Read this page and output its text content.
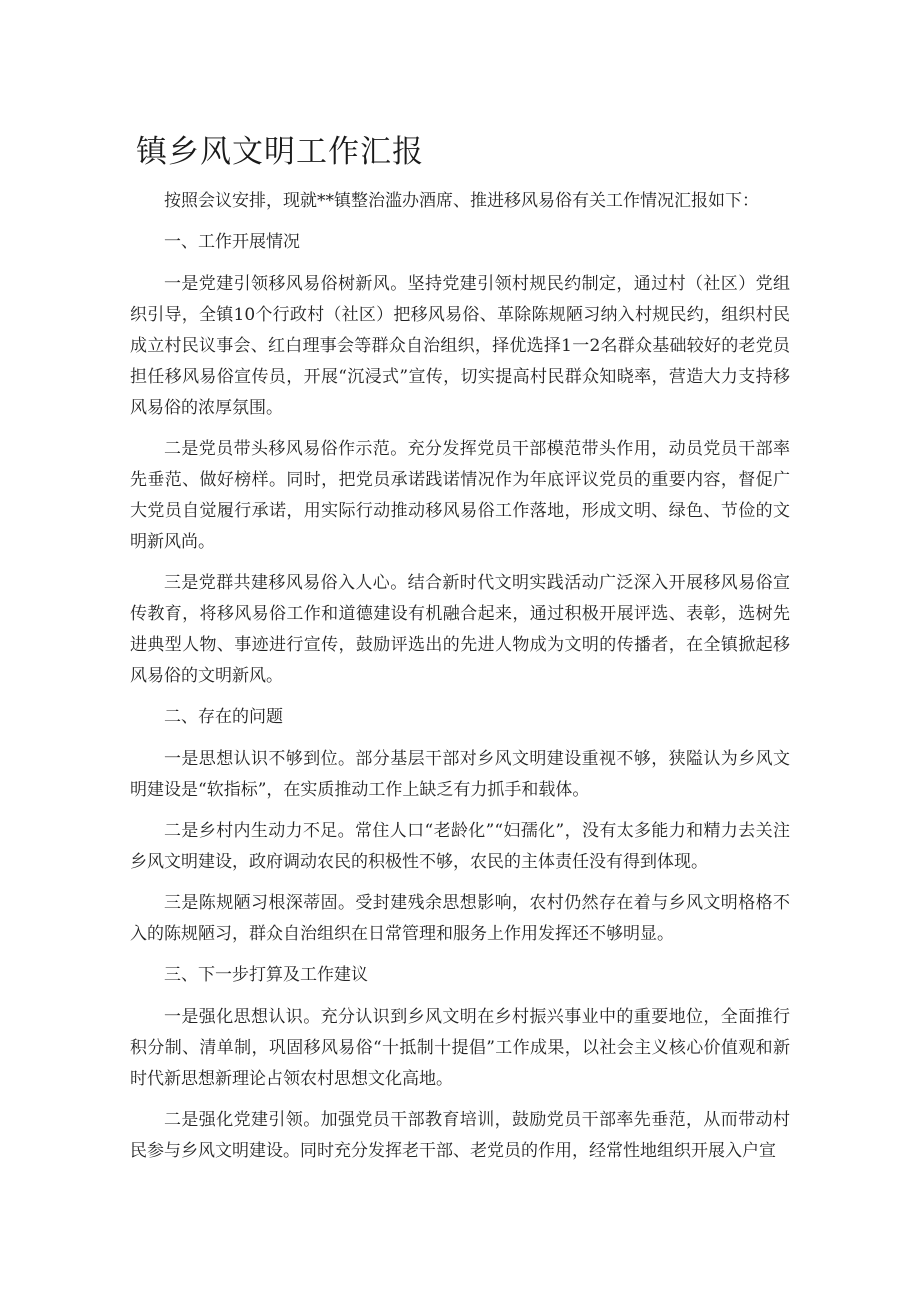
镇乡风文明工作汇报

按照会议安排，现就**镇整治滥办酒席、推进移风易俗有关工作情况汇报如下：

一、工作开展情况

一是党建引领移风易俗树新风。坚持党建引领村规民约制定，通过村（社区）党组织引导，全镇10个行政村（社区）把移风易俗、革除陈规陋习纳入村规民约，组织村民成立村民议事会、红白理事会等群众自治组织，择优选择1一2名群众基础较好的老党员担任移风易俗宣传员，开展“沉浸式”宣传，切实提高村民群众知晓率，营造大力支持移风易俗的浓厚氛围。

二是党员带头移风易俗作示范。充分发挥党员干部模范带头作用，动员党员干部率先垂范、做好榜样。同时，把党员承诺践诺情况作为年底评议党员的重要内容，督促广大党员自觉履行承诺，用实际行动推动移风易俗工作落地，形成文明、绿色、节俭的文明新风尚。

三是党群共建移风易俗入人心。结合新时代文明实践活动广泛深入开展移风易俗宣传教育，将移风易俗工作和道德建设有机融合起来，通过积极开展评选、表彰，选树先进典型人物、事迹进行宣传，鼓励评选出的先进人物成为文明的传播者，在全镇掀起移风易俗的文明新风。

二、存在的问题

一是思想认识不够到位。部分基层干部对乡风文明建设重视不够，狭隘认为乡风文明建设是“软指标”，在实质推动工作上缺乏有力抓手和载体。

二是乡村内生动力不足。常住人口“老龄化”“妇孺化”，没有太多能力和精力去关注乡风文明建设，政府调动农民的积极性不够，农民的主体责任没有得到体现。

三是陈规陋习根深蒂固。受封建残余思想影响，农村仍然存在着与乡风文明格格不入的陈规陋习，群众自治组织在日常管理和服务上作用发挥还不够明显。

三、下一步打算及工作建议

一是强化思想认识。充分认识到乡风文明在乡村振兴事业中的重要地位，全面推行积分制、清单制，巩固移风易俗“十抵制十提倡”工作成果，以社会主义核心价值观和新时代新思想新理论占领农村思想文化高地。

二是强化党建引领。加强党员干部教育培训，鼓励党员干部率先垂范，从而带动村民参与乡风文明建设。同时充分发挥老干部、老党员的作用，经常性地组织开展入户宣
